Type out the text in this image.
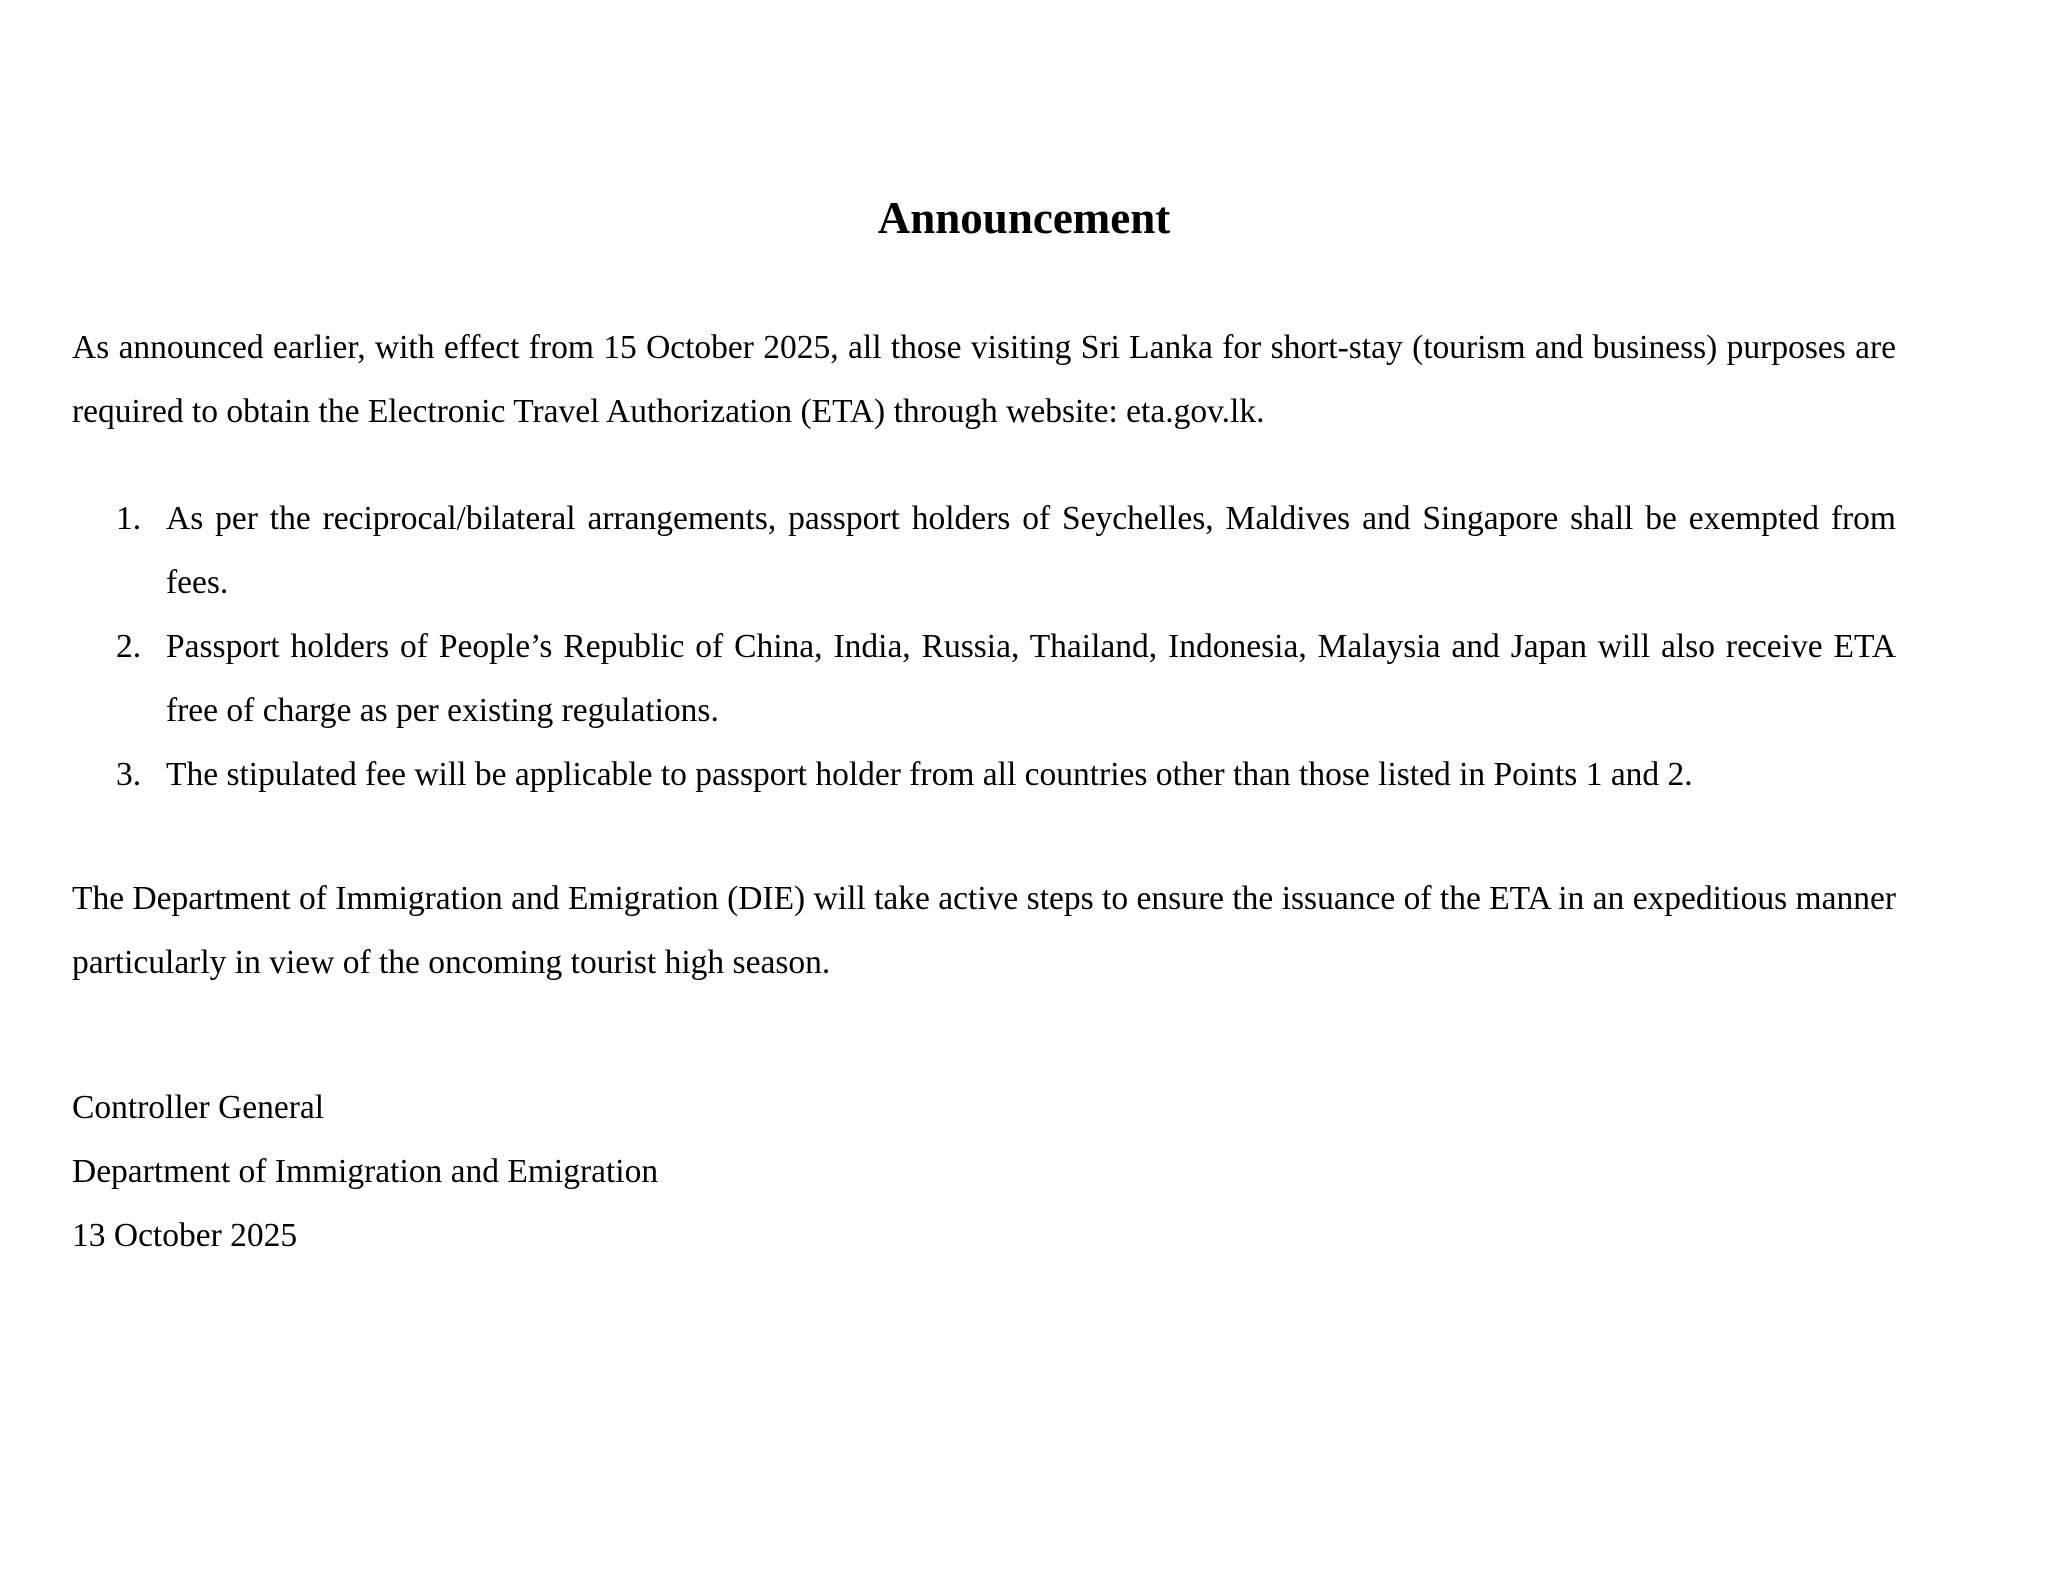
Announcement

As announced earlier, with effect from 15 October 2025, all those visiting Sri Lanka for short-stay (tourism and business) purposes are required to obtain the Electronic Travel Authorization (ETA) through website: eta.gov.lk.

1. As per the reciprocal/bilateral arrangements, passport holders of Seychelles, Maldives and Singapore shall be exempted from fees.
2. Passport holders of People’s Republic of China, India, Russia, Thailand, Indonesia, Malaysia and Japan will also receive ETA free of charge as per existing regulations.
3. The stipulated fee will be applicable to passport holder from all countries other than those listed in Points 1 and 2.

The Department of Immigration and Emigration (DIE) will take active steps to ensure the issuance of the ETA in an expeditious manner particularly in view of the oncoming tourist high season.

Controller General
Department of Immigration and Emigration
13 October 2025
